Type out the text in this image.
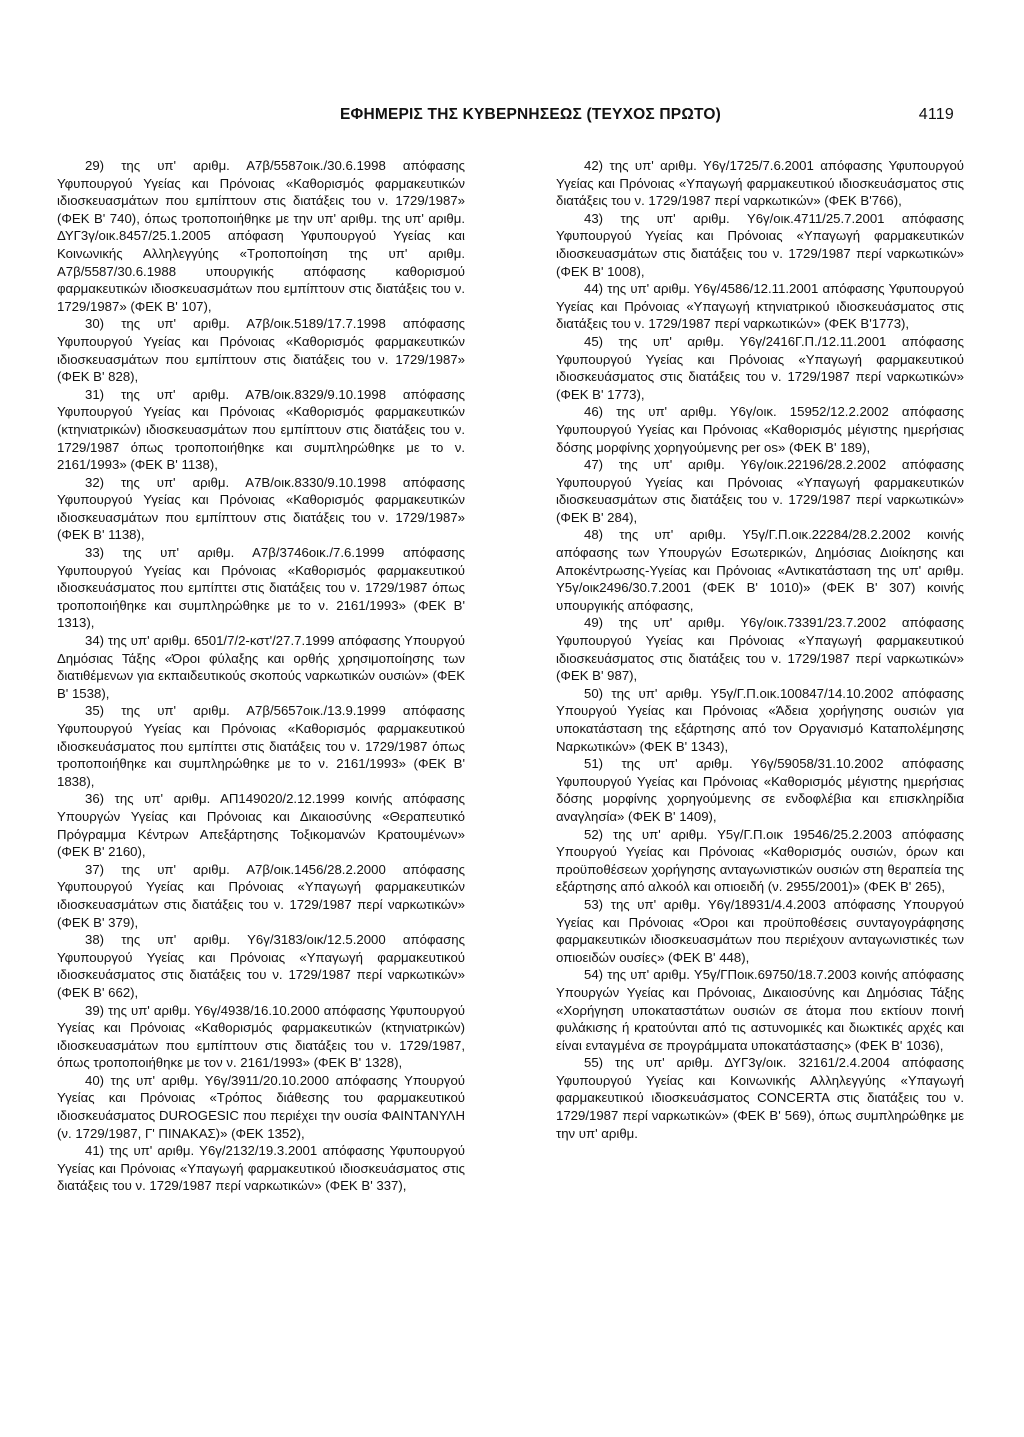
ΕΦΗΜΕΡΙΣ ΤΗΣ ΚΥΒΕΡΝΗΣΕΩΣ (ΤΕΥΧΟΣ ΠΡΩΤΟ)	4119

29) της υπ' αριθμ. Α7β/5587οικ./30.6.1998 απόφασης Υφυπουργού Υγείας και Πρόνοιας «Καθορισμός φαρμακευτικών ιδιοσκευασμάτων που εμπίπτουν στις διατάξεις του ν. 1729/1987» (ΦΕΚ Β' 740), όπως τροποποιήθηκε με την υπ' αριθμ. της υπ' αριθμ. ΔΥΓ3γ/οικ.8457/25.1.2005 απόφαση Υφυπουργού Υγείας και Κοινωνικής Αλληλεγγύης «Τροποποίηση της υπ' αριθμ. Α7β/5587/30.6.1988 υπουργικής απόφασης καθορισμού φαρμακευτικών ιδιοσκευασμάτων που εμπίπτουν στις διατάξεις του ν. 1729/1987» (ΦΕΚ Β' 107),

30) της υπ' αριθμ. Α7β/οικ.5189/17.7.1998 απόφασης Υφυπουργού Υγείας και Πρόνοιας «Καθορισμός φαρμακευτικών ιδιοσκευασμάτων που εμπίπτουν στις διατάξεις του ν. 1729/1987» (ΦΕΚ Β' 828),

31) της υπ' αριθμ. Α7Β/οικ.8329/9.10.1998 απόφασης Υφυπουργού Υγείας και Πρόνοιας «Καθορισμός φαρμακευτικών (κτηνιατρικών) ιδιοσκευασμάτων που εμπίπτουν στις διατάξεις του ν. 1729/1987 όπως τροποποιήθηκε και συμπληρώθηκε με το ν. 2161/1993» (ΦΕΚ Β' 1138),

32) της υπ' αριθμ. Α7Β/οικ.8330/9.10.1998 απόφασης Υφυπουργού Υγείας και Πρόνοιας «Καθορισμός φαρμακευτικών ιδιοσκευασμάτων που εμπίπτουν στις διατάξεις του ν. 1729/1987» (ΦΕΚ Β' 1138),

33) της υπ' αριθμ. Α7β/3746οικ./7.6.1999 απόφασης Υφυπουργού Υγείας και Πρόνοιας «Καθορισμός φαρμακευτικού ιδιοσκευάσματος που εμπίπτει στις διατάξεις του ν. 1729/1987 όπως τροποποιήθηκε και συμπληρώθηκε με το ν. 2161/1993» (ΦΕΚ Β' 1313),

34) της υπ' αριθμ. 6501/7/2-κστ'/27.7.1999 απόφασης Υπουργού Δημόσιας Τάξης «Όροι φύλαξης και ορθής χρησιμοποίησης των διατιθέμενων για εκπαιδευτικούς σκοπούς ναρκωτικών ουσιών» (ΦΕΚ Β' 1538),

35) της υπ' αριθμ. Α7β/5657οικ./13.9.1999 απόφασης Υφυπουργού Υγείας και Πρόνοιας «Καθορισμός φαρμακευτικού ιδιοσκευάσματος που εμπίπτει στις διατάξεις του ν. 1729/1987 όπως τροποποιήθηκε και συμπληρώθηκε με το ν. 2161/1993» (ΦΕΚ Β' 1838),

36) της υπ' αριθμ. ΑΠ149020/2.12.1999 κοινής απόφασης Υπουργών Υγείας και Πρόνοιας και Δικαιοσύνης «Θεραπευτικό Πρόγραμμα Κέντρων Απεξάρτησης Τοξικομανών Κρατουμένων» (ΦΕΚ Β' 2160),

37) της υπ' αριθμ. Α7β/οικ.1456/28.2.2000 απόφασης Υφυπουργού Υγείας και Πρόνοιας «Υπαγωγή φαρμακευτικών ιδιοσκευασμάτων στις διατάξεις του ν. 1729/1987 περί ναρκωτικών» (ΦΕΚ Β' 379),

38) της υπ' αριθμ. Υ6γ/3183/οικ/12.5.2000 απόφασης Υφυπουργού Υγείας και Πρόνοιας «Υπαγωγή φαρμακευτικού ιδιοσκευάσματος στις διατάξεις του ν. 1729/1987 περί ναρκωτικών» (ΦΕΚ Β' 662),

39) της υπ' αριθμ. Υ6γ/4938/16.10.2000 απόφασης Υφυπουργού Υγείας και Πρόνοιας «Καθορισμός φαρμακευτικών (κτηνιατρικών) ιδιοσκευασμάτων που εμπίπτουν στις διατάξεις του ν. 1729/1987, όπως τροποποιήθηκε με τον ν. 2161/1993» (ΦΕΚ Β' 1328),

40) της υπ' αριθμ. Υ6γ/3911/20.10.2000 απόφασης Υπουργού Υγείας και Πρόνοιας «Τρόπος διάθεσης του φαρμακευτικού ιδιοσκευάσματος DUROGESIC που περιέχει την ουσία ΦΑΙΝΤΑΝΥΛΗ (ν. 1729/1987, Γ' ΠΙΝΑΚΑΣ)» (ΦΕΚ 1352),

41) της υπ' αριθμ. Υ6γ/2132/19.3.2001 απόφασης Υφυπουργού Υγείας και Πρόνοιας «Υπαγωγή φαρμακευτικού ιδιοσκευάσματος στις διατάξεις του ν. 1729/1987 περί ναρκωτικών» (ΦΕΚ Β' 337),

42) της υπ' αριθμ. Υ6γ/1725/7.6.2001 απόφασης Υφυπουργού Υγείας και Πρόνοιας «Υπαγωγή φαρμακευτικού ιδιοσκευάσματος στις διατάξεις του ν. 1729/1987 περί ναρκωτικών» (ΦΕΚ Β'766),

43) της υπ' αριθμ. Υ6γ/οικ.4711/25.7.2001 απόφασης Υφυπουργού Υγείας και Πρόνοιας «Υπαγωγή φαρμακευτικών ιδιοσκευασμάτων στις διατάξεις του ν. 1729/1987 περί ναρκωτικών» (ΦΕΚ Β' 1008),

44) της υπ' αριθμ. Υ6γ/4586/12.11.2001 απόφασης Υφυπουργού Υγείας και Πρόνοιας «Υπαγωγή κτηνιατρικού ιδιοσκευάσματος στις διατάξεις του ν. 1729/1987 περί ναρκωτικών» (ΦΕΚ Β'1773),

45) της υπ' αριθμ. Υ6γ/2416Γ.Π./12.11.2001 απόφασης Υφυπουργού Υγείας και Πρόνοιας «Υπαγωγή φαρμακευτικού ιδιοσκευάσματος στις διατάξεις του ν. 1729/1987 περί ναρκωτικών» (ΦΕΚ Β' 1773),

46) της υπ' αριθμ. Υ6γ/οικ. 15952/12.2.2002 απόφασης Υφυπουργού Υγείας και Πρόνοιας «Καθορισμός μέγιστης ημερήσιας δόσης μορφίνης χορηγούμενης per os» (ΦΕΚ Β' 189),

47) της υπ' αριθμ. Υ6γ/οικ.22196/28.2.2002 απόφασης Υφυπουργού Υγείας και Πρόνοιας «Υπαγωγή φαρμακευτικών ιδιοσκευασμάτων στις διατάξεις του ν. 1729/1987 περί ναρκωτικών» (ΦΕΚ Β' 284),

48) της υπ' αριθμ. Υ5γ/Γ.Π.οικ.22284/28.2.2002 κοινής απόφασης των Υπουργών Εσωτερικών, Δημόσιας Διοίκησης και Αποκέντρωσης-Υγείας και Πρόνοιας «Αντικατάσταση της υπ' αριθμ. Υ5γ/οικ2496/30.7.2001 (ΦΕΚ Β' 1010)» (ΦΕΚ Β' 307) κοινής υπουργικής απόφασης,

49) της υπ' αριθμ. Υ6γ/οικ.73391/23.7.2002 απόφασης Υφυπουργού Υγείας και Πρόνοιας «Υπαγωγή φαρμακευτικού ιδιοσκευάσματος στις διατάξεις του ν. 1729/1987 περί ναρκωτικών» (ΦΕΚ Β' 987),

50) της υπ' αριθμ. Υ5γ/Γ.Π.οικ.100847/14.10.2002 απόφασης Υπουργού Υγείας και Πρόνοιας «Άδεια χορήγησης ουσιών για υποκατάσταση της εξάρτησης από τον Οργανισμό Καταπολέμησης Ναρκωτικών» (ΦΕΚ Β' 1343),

51) της υπ' αριθμ. Υ6γ/59058/31.10.2002 απόφασης Υφυπουργού Υγείας και Πρόνοιας «Καθορισμός μέγιστης ημερήσιας δόσης μορφίνης χορηγούμενης σε ενδοφλέβια και επισκληρίδια αναγλησία» (ΦΕΚ Β' 1409),

52) της υπ' αριθμ. Υ5γ/Γ.Π.οικ 19546/25.2.2003 απόφασης Υπουργού Υγείας και Πρόνοιας «Καθορισμός ουσιών, όρων και προϋποθέσεων χορήγησης ανταγωνιστικών ουσιών στη θεραπεία της εξάρτησης από αλκοόλ και οπιοειδή (ν. 2955/2001)» (ΦΕΚ Β' 265),

53) της υπ' αριθμ. Υ6γ/18931/4.4.2003 απόφασης Υπουργού Υγείας και Πρόνοιας «Όροι και προϋποθέσεις συνταγογράφησης φαρμακευτικών ιδιοσκευασμάτων που περιέχουν ανταγωνιστικές των οπιοειδών ουσίες» (ΦΕΚ Β' 448),

54) της υπ' αριθμ. Υ5γ/ΓΠοικ.69750/18.7.2003 κοινής απόφασης Υπουργών Υγείας και Πρόνοιας, Δικαιοσύνης και Δημόσιας Τάξης «Χορήγηση υποκαταστάτων ουσιών σε άτομα που εκτίουν ποινή φυλάκισης ή κρατούνται από τις αστυνομικές και διωκτικές αρχές και είναι ενταγμένα σε προγράμματα υποκατάστασης» (ΦΕΚ Β' 1036),

55) της υπ' αριθμ. ΔΥΓ3γ/οικ. 32161/2.4.2004 απόφασης Υφυπουργού Υγείας και Κοινωνικής Αλληλεγγύης «Υπαγωγή φαρμακευτικού ιδιοσκευάσματος CONCERTA στις διατάξεις του ν. 1729/1987 περί ναρκωτικών» (ΦΕΚ Β' 569), όπως συμπληρώθηκε με την υπ' αριθμ.
